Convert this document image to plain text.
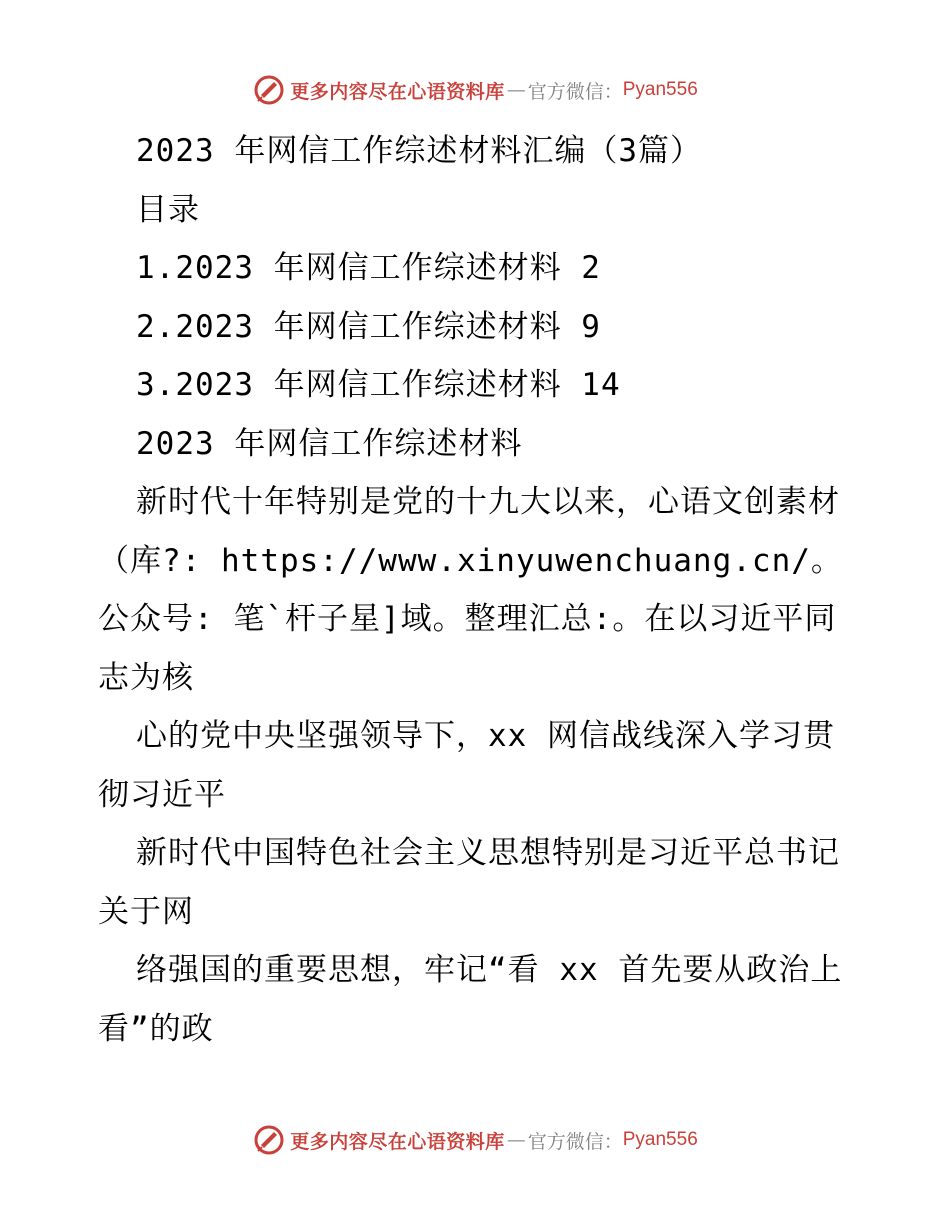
更多内容尽在心语资料库 — 官方微信： Pyan556
2023 年网信工作综述材料汇编（3篇）
目录
1.2023 年网信工作综述材料 2
2.2023 年网信工作综述材料 9
3.2023 年网信工作综述材料 14
2023 年网信工作综述材料
新时代十年特别是党的十九大以来，心语文创素材（库?: https://www.xinyuwenchuang.cn/。公众号: 笔`杆子星]域。整理汇总:。在以习近平同志为核
心的党中央坚强领导下，xx 网信战线深入学习贯彻习近平
新时代中国特色社会主义思想特别是习近平总书记关于网
络强国的重要思想，牢记“看 xx 首先要从政治上看”的政
更多内容尽在心语资料库 — 官方微信： Pyan556
